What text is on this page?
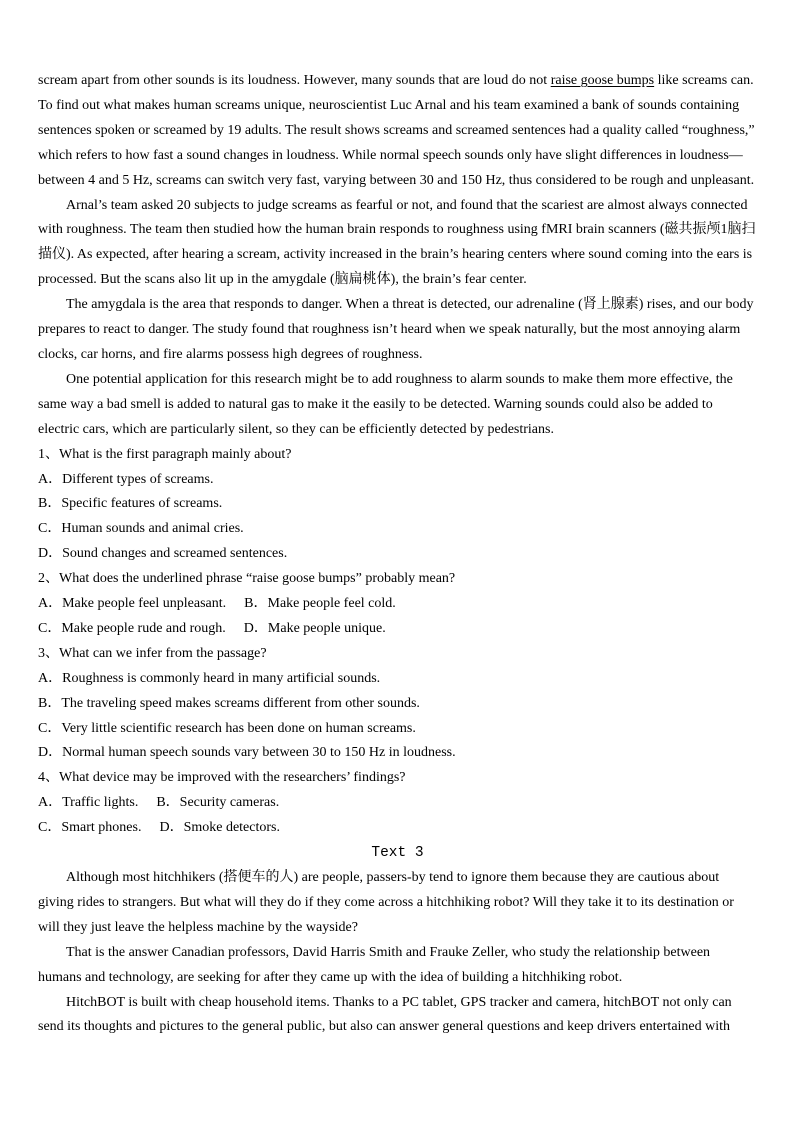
scream apart from other sounds is its loudness. However, many sounds that are loud do not raise goose bumps like screams can. To find out what makes human screams unique, neuroscientist Luc Arnal and his team examined a bank of sounds containing sentences spoken or screamed by 19 adults. The result shows screams and screamed sentences had a quality called “roughness,” which refers to how fast a sound changes in loudness. While normal speech sounds only have slight differences in loudness—between 4 and 5 Hz, screams can switch very fast, varying between 30 and 150 Hz, thus considered to be rough and unpleasant.

Arnal’s team asked 20 subjects to judge screams as fearful or not, and found that the scariest are almost always connected with roughness. The team then studied how the human brain responds to roughness using fMRI brain scanners (磁共振颅1脑扫描仪). As expected, after hearing a scream, activity increased in the brain’s hearing centers where sound coming into the ears is processed. But the scans also lit up in the amygdale (脑扁桃体), the brain’s fear center.

The amygdala is the area that responds to danger. When a threat is detected, our adrenaline (肾上腺素) rises, and our body prepares to react to danger. The study found that roughness isn’t heard when we speak naturally, but the most annoying alarm clocks, car horns, and fire alarms possess high degrees of roughness.

One potential application for this research might be to add roughness to alarm sounds to make them more effective, the same way a bad smell is added to natural gas to make it the easily to be detected. Warning sounds could also be added to electric cars, which are particularly silent, so they can be efficiently detected by pedestrians.

1、What is the first paragraph mainly about?

A．Different types of screams.

B．Specific features of screams.

C．Human sounds and animal cries.

D．Sound changes and screamed sentences.

2、What does the underlined phrase “raise goose bumps” probably mean?

A．Make people feel unpleasant. B．Make people feel cold.

C．Make people rude and rough. D．Make people unique.

3、What can we infer from the passage?

A．Roughness is commonly heard in many artificial sounds.

B．The traveling speed makes screams different from other sounds.

C．Very little scientific research has been done on human screams.

D．Normal human speech sounds vary between 30 to 150 Hz in loudness.

4、What device may be improved with the researchers’ findings?

A．Traffic lights. B．Security cameras.

C．Smart phones. D．Smoke detectors.

Text 3

Although most hitchhikers (搭便车的人) are people, passers-by tend to ignore them because they are cautious about giving rides to strangers. But what will they do if they come across a hitchhiking robot? Will they take it to its destination or will they just leave the helpless machine by the wayside?

That is the answer Canadian professors, David Harris Smith and Frauke Zeller, who study the relationship between humans and technology, are seeking for after they came up with the idea of building a hitchhiking robot.

HitchBOT is built with cheap household items. Thanks to a PC tablet, GPS tracker and camera, hitchBOT not only can send its thoughts and pictures to the general public, but also can answer general questions and keep drivers entertained with
